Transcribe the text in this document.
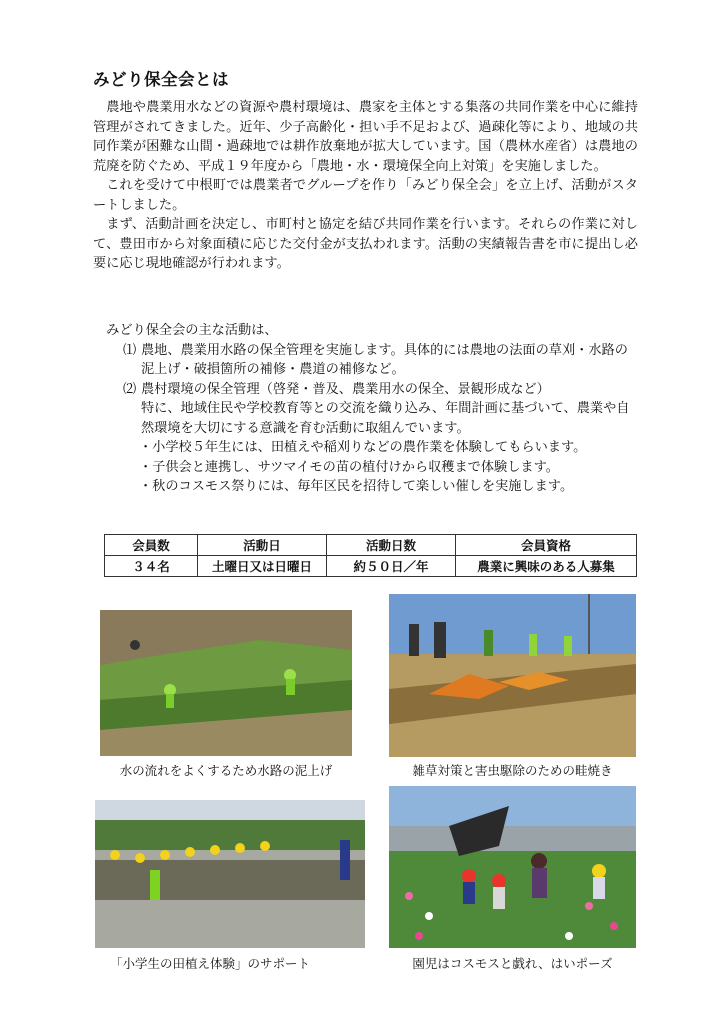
みどり保全会とは

農地や農業用水などの資源や農村環境は、農家を主体とする集落の共同作業を中心に維持管理がされてきました。近年、少子高齢化・担い手不足および、過疎化等により、地域の共同作業が困難な山間・過疎地では耕作放棄地が拡大しています。国（農林水産省）は農地の荒廃を防ぐため、平成１９年度から「農地・水・環境保全向上対策」を実施しました。

これを受けて中根町では農業者でグループを作り「みどり保全会」を立上げ、活動がスタートしました。

まず、活動計画を決定し、市町村と協定を結び共同作業を行います。それらの作業に対して、豊田市から対象面積に応じた交付金が支払われます。活動の実績報告書を市に提出し必要に応じ現地確認が行われます。

みどり保全会の主な活動は、

⑴ 農地、農業用水路の保全管理を実施します。具体的には農地の法面の草刈・水路の泥上げ・破損箇所の補修・農道の補修など。
⑵ 農村環境の保全管理（啓発・普及、農業用水の保全、景観形成など）
特に、地域住民や学校教育等との交流を織り込み、年間計画に基づいて、農業や自然環境を大切にする意識を育む活動に取組んでいます。
・小学校５年生には、田植えや稲刈りなどの農作業を体験してもらいます。
・子供会と連携し、サツマイモの苗の植付けから収穫まで体験します。
・秋のコスモス祭りには、毎年区民を招待して楽しい催しを実施します。
会員数	活動日	活動日数	会員資格
３４名	土曜日又は日曜日	約５０日／年	農業に興味のある人募集
水の流れをよくするため水路の泥上げ	雑草対策と害虫駆除のための畦焼き
「小学生の田植え体験」のサポート	園児はコスモスと戯れ、はいポーズ
